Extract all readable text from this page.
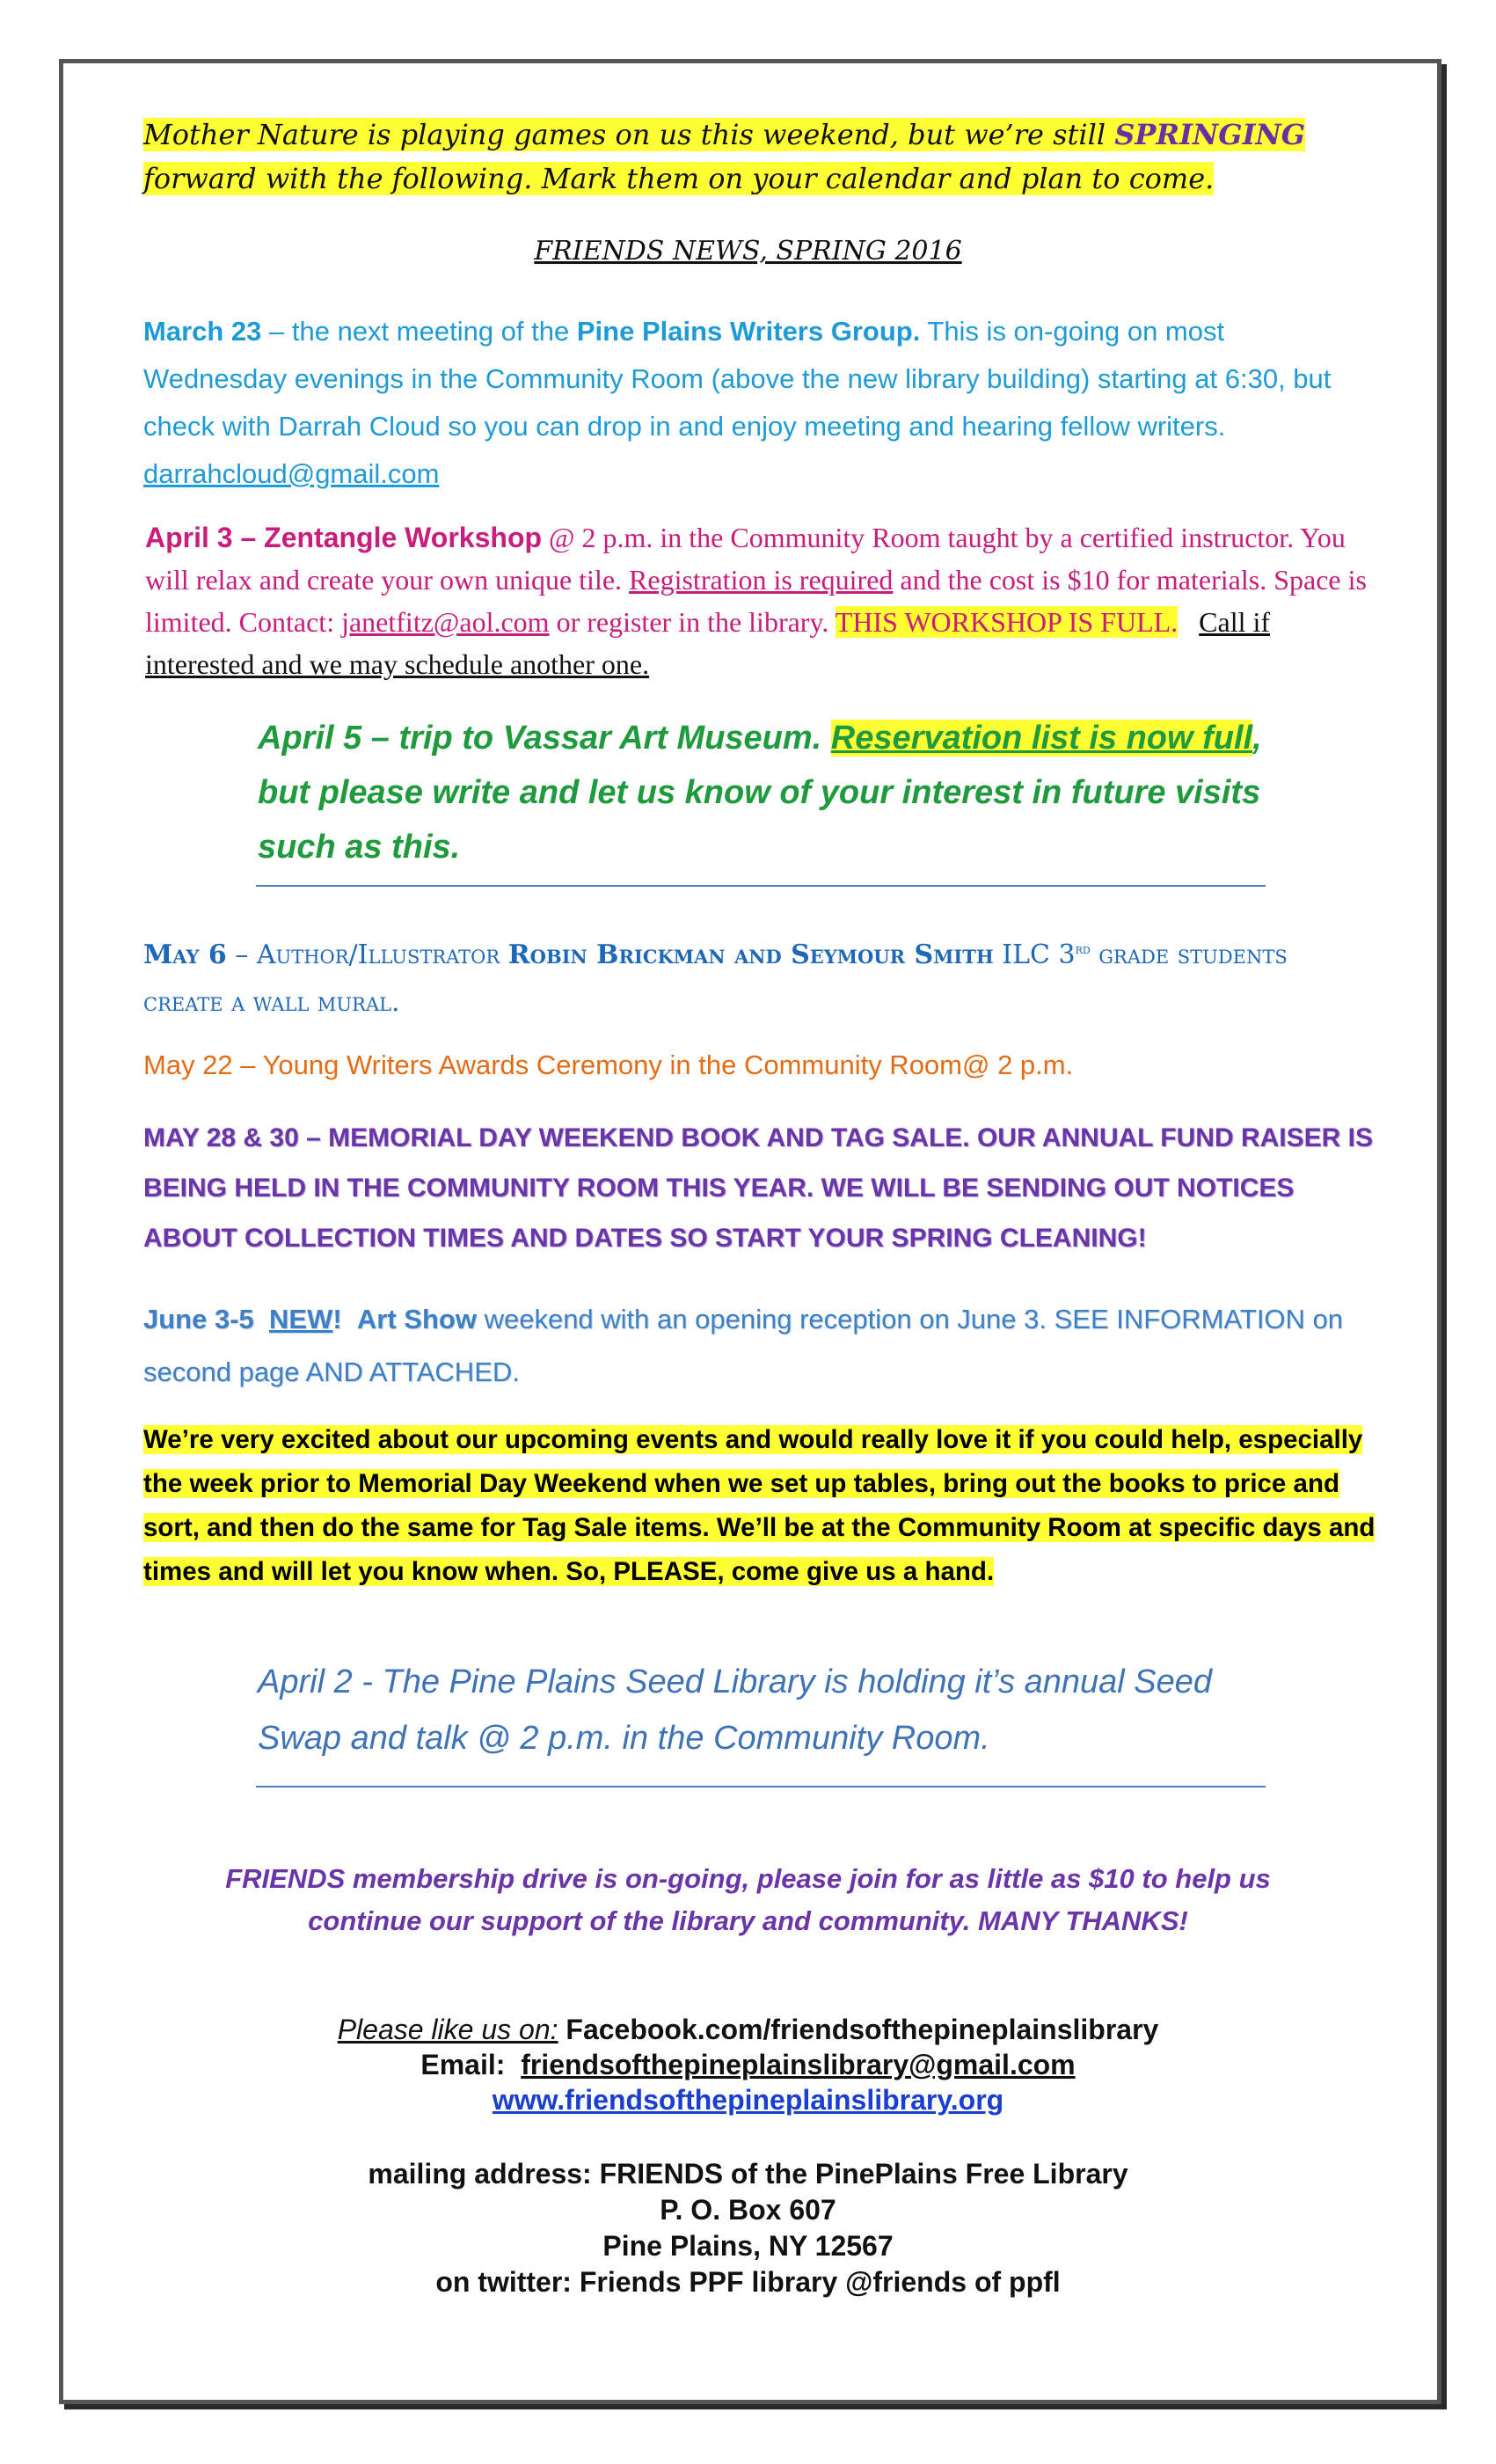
Mother Nature is playing games on us this weekend, but we’re still SPRINGING
forward with the following. Mark them on your calendar and plan to come.

FRIENDS NEWS, SPRING 2016

March 23 – the next meeting of the Pine Plains Writers Group. This is on-going on most Wednesday evenings in the Community Room (above the new library building) starting at 6:30, but check with Darrah Cloud so you can drop in and enjoy meeting and hearing fellow writers. darrahcloud@gmail.com

April 3 – Zentangle Workshop @ 2 p.m. in the Community Room taught by a certified instructor. You will relax and create your own unique tile. Registration is required and the cost is $10 for materials. Space is limited. Contact: janetfitz@aol.com or register in the library. THIS WORKSHOP IS FULL. Call if interested and we may schedule another one.

April 5 – trip to Vassar Art Museum. Reservation list is now full, but please write and let us know of your interest in future visits such as this.

May 6 – Author/Illustrator Robin Brickman and Seymour Smith ILC 3rd grade students create a wall mural.

May 22 – Young Writers Awards Ceremony in the Community Room@ 2 p.m.

MAY 28 & 30 – MEMORIAL DAY WEEKEND BOOK AND TAG SALE. OUR ANNUAL FUND RAISER IS BEING HELD IN THE COMMUNITY ROOM THIS YEAR. WE WILL BE SENDING OUT NOTICES ABOUT COLLECTION TIMES AND DATES SO START YOUR SPRING CLEANING!

June 3-5 NEW! Art Show weekend with an opening reception on June 3. SEE INFORMATION on second page AND ATTACHED.

We’re very excited about our upcoming events and would really love it if you could help, especially the week prior to Memorial Day Weekend when we set up tables, bring out the books to price and sort, and then do the same for Tag Sale items. We’ll be at the Community Room at specific days and times and will let you know when. So, PLEASE, come give us a hand.

April 2 - The Pine Plains Seed Library is holding it’s annual Seed Swap and talk @ 2 p.m. in the Community Room.

FRIENDS membership drive is on-going, please join for as little as $10 to help us
continue our support of the library and community. MANY THANKS!

Please like us on: Facebook.com/friendsofthepineplainslibrary
Email: friendsofthepineplainslibrary@gmail.com
www.friendsofthepineplainslibrary.org

mailing address: FRIENDS of the PinePlains Free Library
P. O. Box 607
Pine Plains, NY 12567
on twitter: Friends PPF library @friends of ppfl
